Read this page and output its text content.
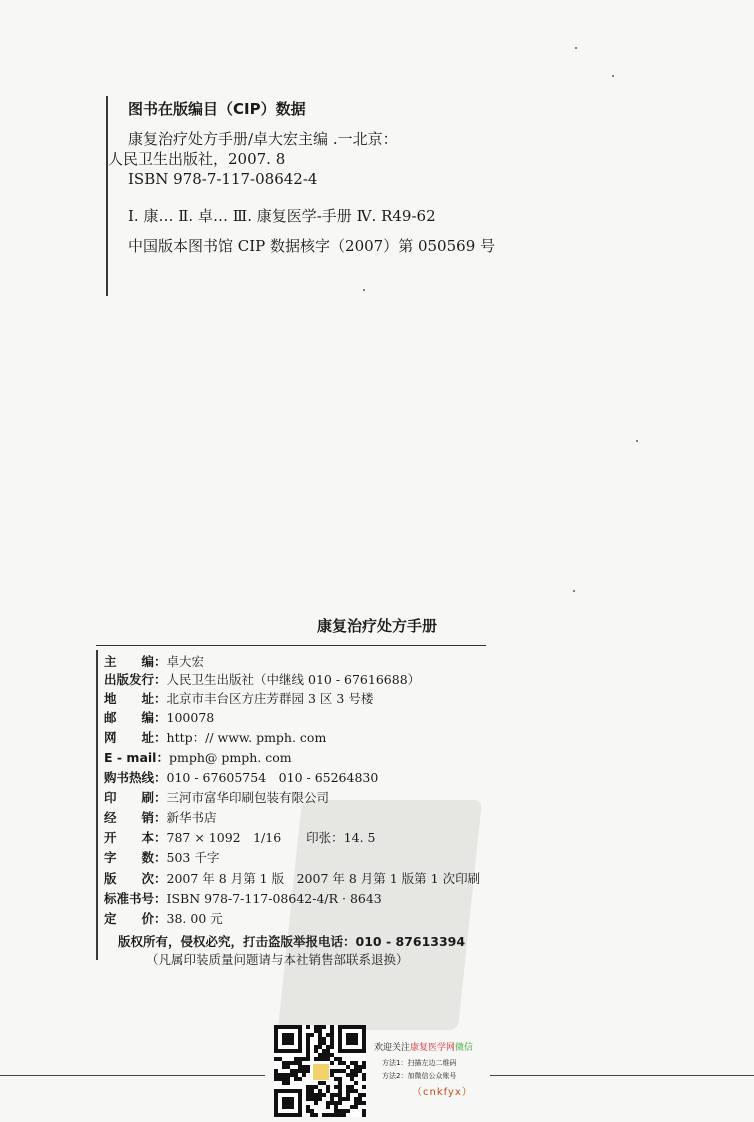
图书在版编目（CIP）数据
康复治疗处方手册/卓大宏主编 .一北京：
人民卫生出版社，2007. 8
ISBN 978-7-117-08642-4
Ⅰ. 康… Ⅱ. 卓… Ⅲ. 康复医学-手册 Ⅳ. R49-62
中国版本图书馆 CIP 数据核字（2007）第 050569 号
康复治疗处方手册
主　　编：卓大宏
出版发行：人民卫生出版社（中继线 010 - 67616688）
地　　址：北京市丰台区方庄芳群园 3 区 3 号楼
邮　　编：100078
网　　址：http：// www. pmph. com
E - mail：pmph@ pmph. com
购书热线：010 - 67605754　010 - 65264830
印　　刷：三河市富华印刷包装有限公司
经　　销：新华书店
开　　本：787 × 1092　1/16　　印张：14. 5
字　　数：503 千字
版　　次：2007 年 8 月第 1 版　2007 年 8 月第 1 版第 1 次印刷
标准书号：ISBN 978-7-117-08642-4/R · 8643
定　　价：38. 00 元
版权所有，侵权必究，打击盗版举报电话：010 - 87613394
（凡属印装质量问题请与本社销售部联系退换）
欢迎关注康复医学网微信
方法1：扫描左边二维码
方法2：加微信公众账号
（cnkfyx）
